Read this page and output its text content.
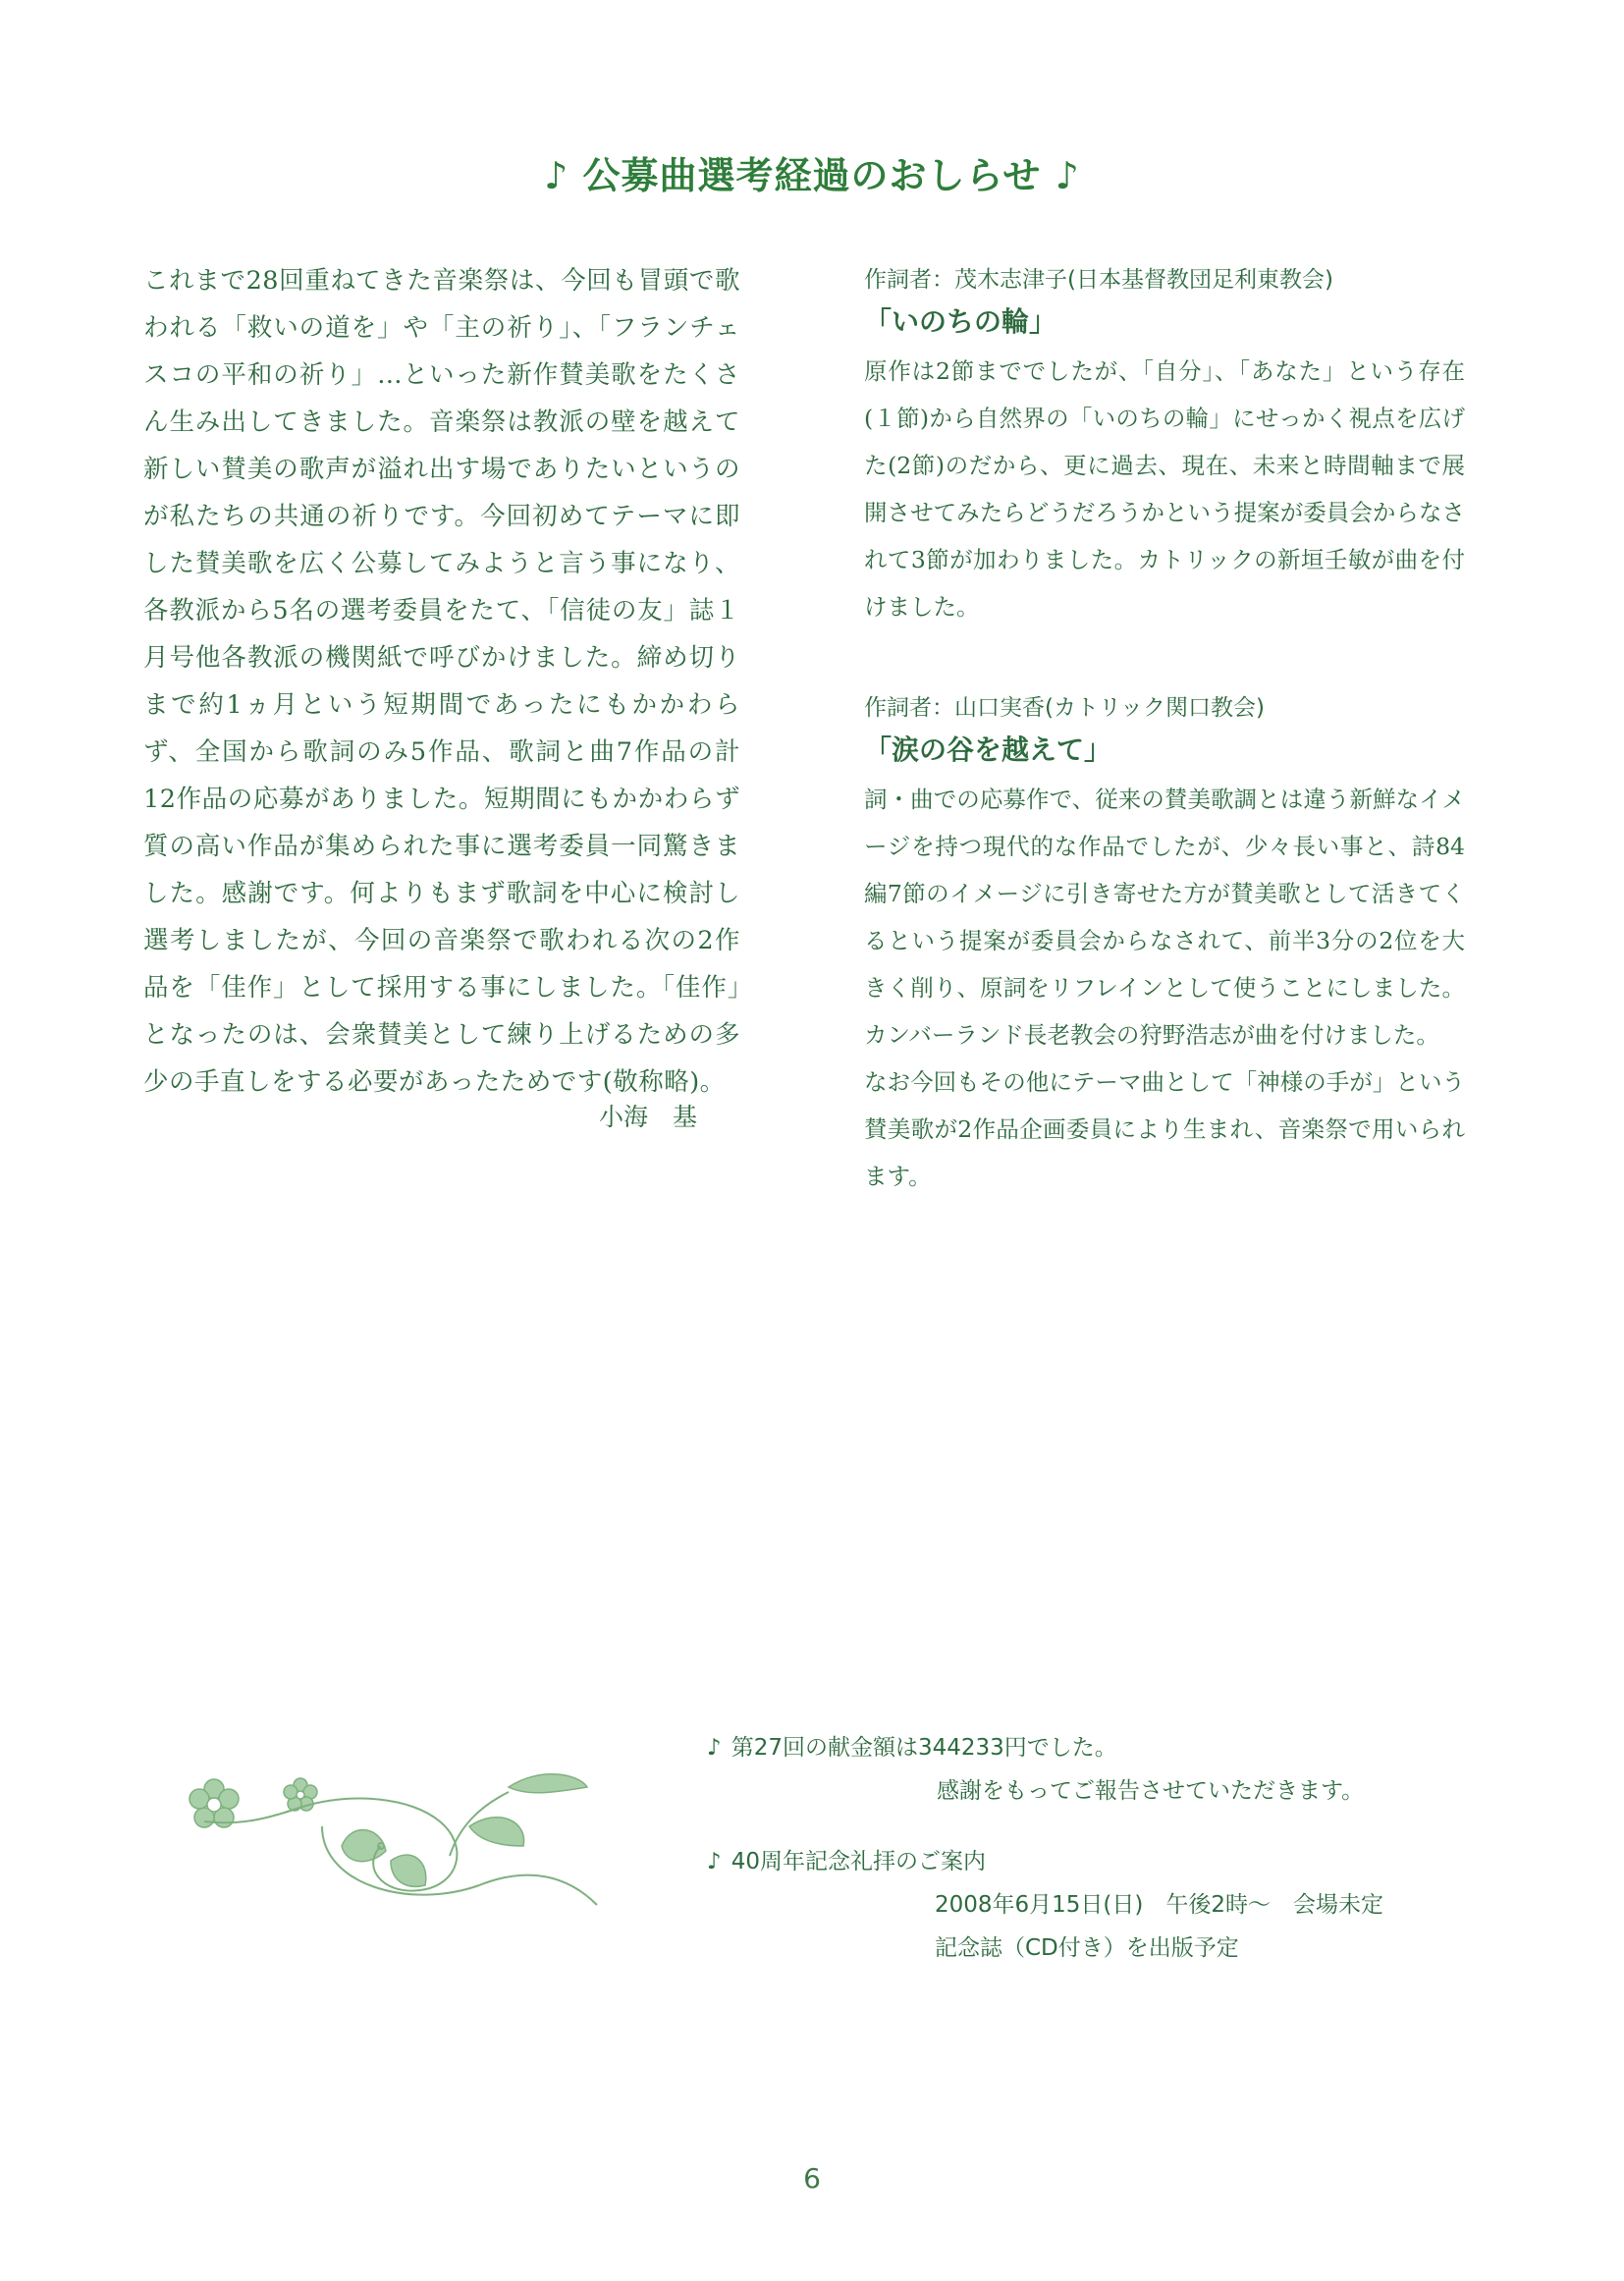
♪ 公募曲選考経過のおしらせ ♪

これまで28回重ねてきた音楽祭は、今回も冒頭で歌われる「救いの道を」や「主の祈り」、「フランチェスコの平和の祈り」…といった新作賛美歌をたくさん生み出してきました。音楽祭は教派の壁を越えて新しい賛美の歌声が溢れ出す場でありたいというのが私たちの共通の祈りです。今回初めてテーマに即した賛美歌を広く公募してみようと言う事になり、各教派から5名の選考委員をたて、「信徒の友」誌１月号他各教派の機関紙で呼びかけました。締め切りまで約1ヵ月という短期間であったにもかかわらず、全国から歌詞のみ5作品、歌詞と曲7作品の計12作品の応募がありました。短期間にもかかわらず質の高い作品が集められた事に選考委員一同驚きました。感謝です。何よりもまず歌詞を中心に検討し選考しましたが、今回の音楽祭で歌われる次の2作品を「佳作」として採用する事にしました。「佳作」となったのは、会衆賛美として練り上げるための多少の手直しをする必要があったためです(敬称略)。

小海　基

作詞者：茂木志津子(日本基督教団足利東教会)

「いのちの輪」

原作は2節まででしたが、「自分」、「あなた」という存在(１節)から自然界の「いのちの輪」にせっかく視点を広げた(2節)のだから、更に過去、現在、未来と時間軸まで展開させてみたらどうだろうかという提案が委員会からなされて3節が加わりました。カトリックの新垣壬敏が曲を付けました。

作詞者：山口実香(カトリック関口教会)

「涙の谷を越えて」

詞・曲での応募作で、従来の賛美歌調とは違う新鮮なイメージを持つ現代的な作品でしたが、少々長い事と、詩84編7節のイメージに引き寄せた方が賛美歌として活きてくるという提案が委員会からなされて、前半3分の2位を大きく削り、原詞をリフレインとして使うことにしました。カンバーランド長老教会の狩野浩志が曲を付けました。

なお今回もその他にテーマ曲として「神様の手が」という賛美歌が2作品企画委員により生まれ、音楽祭で用いられます。

♪ 第27回の献金額は344233円でした。

感謝をもってご報告させていただきます。

♪ 40周年記念礼拝のご案内

2008年6月15日(日)　午後2時～　会場未定

記念誌（CD付き）を出版予定

6
